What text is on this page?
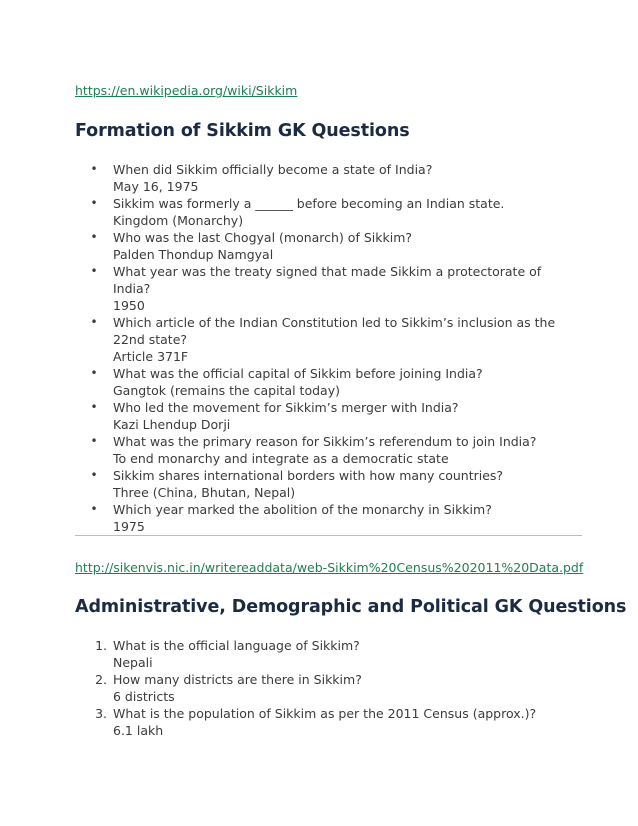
https://en.wikipedia.org/wiki/Sikkim
Formation of Sikkim GK Questions
• When did Sikkim officially become a state of India?
May 16, 1975
• Sikkim was formerly a ______ before becoming an Indian state.
Kingdom (Monarchy)
• Who was the last Chogyal (monarch) of Sikkim?
Palden Thondup Namgyal
• What year was the treaty signed that made Sikkim a protectorate of India?
1950
• Which article of the Indian Constitution led to Sikkim’s inclusion as the 22nd state?
Article 371F
• What was the official capital of Sikkim before joining India?
Gangtok (remains the capital today)
• Who led the movement for Sikkim’s merger with India?
Kazi Lhendup Dorji
• What was the primary reason for Sikkim’s referendum to join India?
To end monarchy and integrate as a democratic state
• Sikkim shares international borders with how many countries?
Three (China, Bhutan, Nepal)
• Which year marked the abolition of the monarchy in Sikkim?
1975
http://sikenvis.nic.in/writereaddata/web-Sikkim%20Census%202011%20Data.pdf
Administrative, Demographic and Political GK Questions
1. What is the official language of Sikkim?
Nepali
2. How many districts are there in Sikkim?
6 districts
3. What is the population of Sikkim as per the 2011 Census (approx.)?
6.1 lakh
